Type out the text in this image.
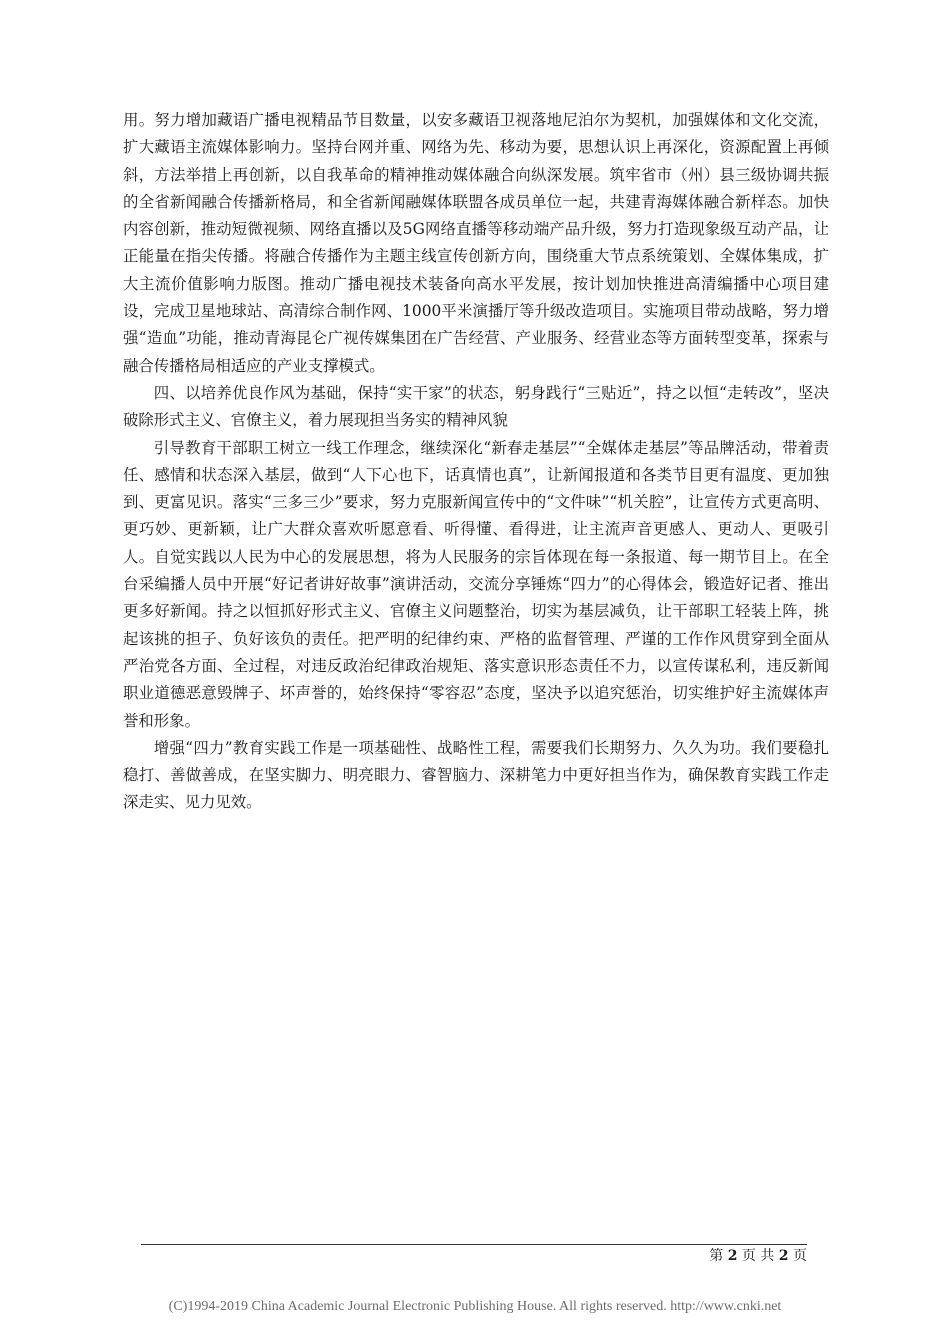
用。努力增加藏语广播电视精品节目数量，以安多藏语卫视落地尼泊尔为契机，加强媒体和文化交流，扩大藏语主流媒体影响力。坚持台网并重、网络为先、移动为要，思想认识上再深化，资源配置上再倾斜，方法举措上再创新，以自我革命的精神推动媒体融合向纵深发展。筑牢省市（州）县三级协调共振的全省新闻融合传播新格局，和全省新闻融媒体联盟各成员单位一起，共建青海媒体融合新样态。加快内容创新，推动短微视频、网络直播以及5G网络直播等移动端产品升级，努力打造现象级互动产品，让正能量在指尖传播。将融合传播作为主题主线宣传创新方向，围绕重大节点系统策划、全媒体集成，扩大主流价值影响力版图。推动广播电视技术装备向高水平发展，按计划加快推进高清编播中心项目建设，完成卫星地球站、高清综合制作网、1000平米演播厅等升级改造项目。实施项目带动战略，努力增强“造血”功能，推动青海昆仑广视传媒集团在广告经营、产业服务、经营业态等方面转型变革，探索与融合传播格局相适应的产业支撑模式。

四、以培养优良作风为基础，保持“实干家”的状态，躬身践行“三贴近”，持之以恒“走转改”，坚决破除形式主义、官僚主义，着力展现担当务实的精神风貌

引导教育干部职工树立一线工作理念，继续深化“新春走基层”“全媒体走基层”等品牌活动，带着责任、感情和状态深入基层，做到“人下心也下，话真情也真”，让新闻报道和各类节目更有温度、更加独到、更富见识。落实“三多三少”要求，努力克服新闻宣传中的“文件味”“机关腔”，让宣传方式更高明、更巧妙、更新颖，让广大群众喜欢听愿意看、听得懂、看得进，让主流声音更感人、更动人、更吸引人。自觉实践以人民为中心的发展思想，将为人民服务的宗旨体现在每一条报道、每一期节目上。在全台采编播人员中开展“好记者讲好故事”演讲活动，交流分享锤炼“四力”的心得体会，锻造好记者、推出更多好新闻。持之以恒抓好形式主义、官僚主义问题整治，切实为基层减负，让干部职工轻装上阵，挑起该挑的担子、负好该负的责任。把严明的纪律约束、严格的监督管理、严谨的工作作风贯穿到全面从严治党各方面、全过程，对违反政治纪律政治规矩、落实意识形态责任不力，以宣传谋私利，违反新闻职业道德恶意毁牌子、坏声誉的，始终保持“零容忍”态度，坚决予以追究惩治，切实维护好主流媒体声誉和形象。

增强“四力”教育实践工作是一项基础性、战略性工程，需要我们长期努力、久久为功。我们要稳扎稳打、善做善成，在坚实脚力、明亮眼力、睿智脑力、深耕笔力中更好担当作为，确保教育实践工作走深走实、见力见效。

第 2 页 共 2 页
(C)1994-2019 China Academic Journal Electronic Publishing House. All rights reserved. http://www.cnki.net
